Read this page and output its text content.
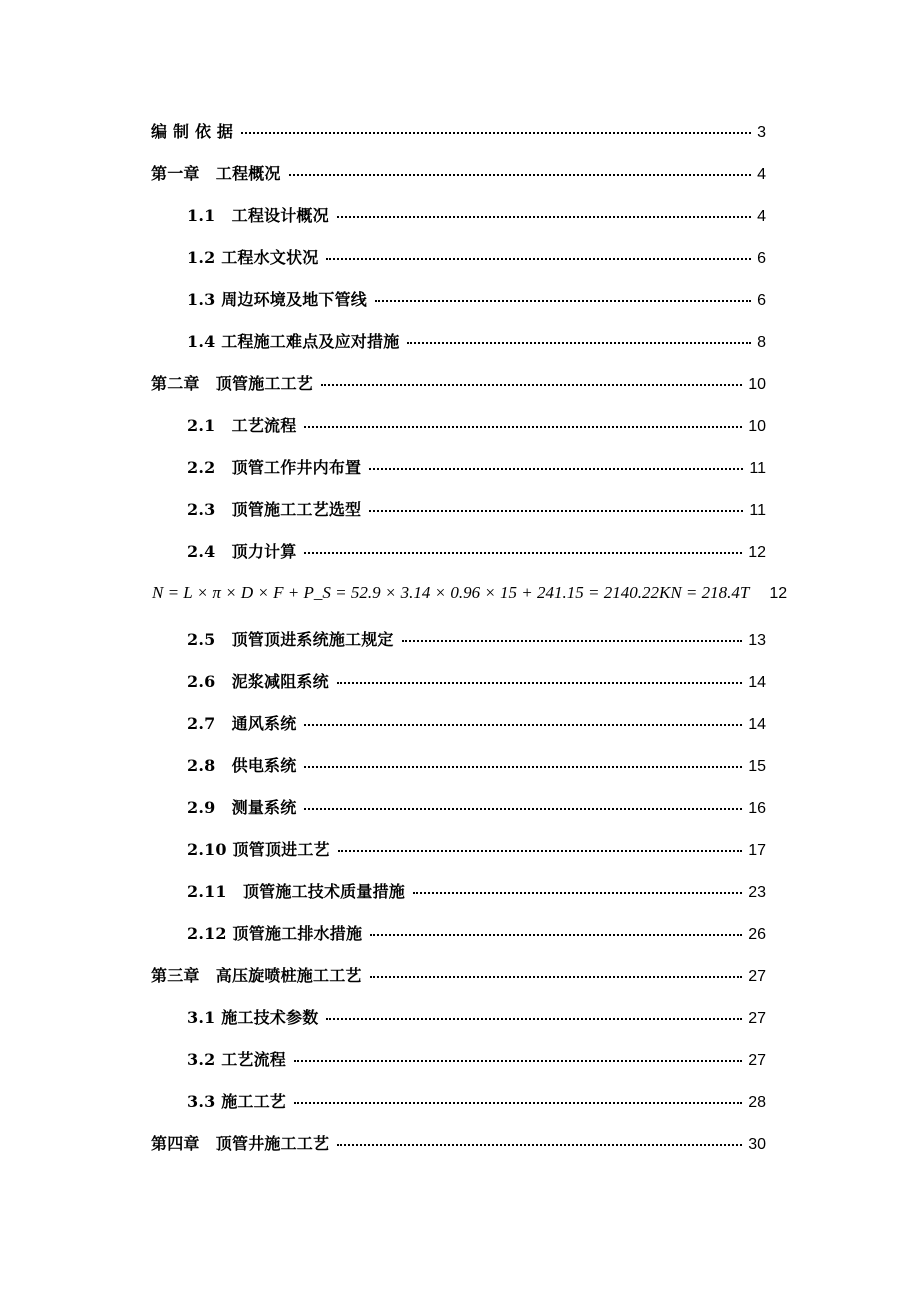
编 制 依 据	3
第一章　工程概况	4
1.1　工程设计概况	4
1.2 工程水文状况	6
1.3 周边环境及地下管线	6
1.4 工程施工难点及应对措施	8
第二章　顶管施工工艺	10
2.1　工艺流程	10
2.2　顶管工作井内布置	11
2.3　顶管施工工艺选型	11
2.4　顶力计算	12
N = L × π × D × F + P_S = 52.9 × 3.14 × 0.96 × 15 + 241.15 = 2140.22KN = 218.4T 12
2.5　顶管顶进系统施工规定	13
2.6　泥浆减阻系统	14
2.7　通风系统	14
2.8　供电系统	15
2.9　测量系统	16
2.10 顶管顶进工艺	17
2.11　顶管施工技术质量措施	23
2.12 顶管施工排水措施	26
第三章　高压旋喷桩施工工艺	27
3.1 施工技术参数	27
3.2 工艺流程	27
3.3 施工工艺	28
第四章　顶管井施工工艺	30
